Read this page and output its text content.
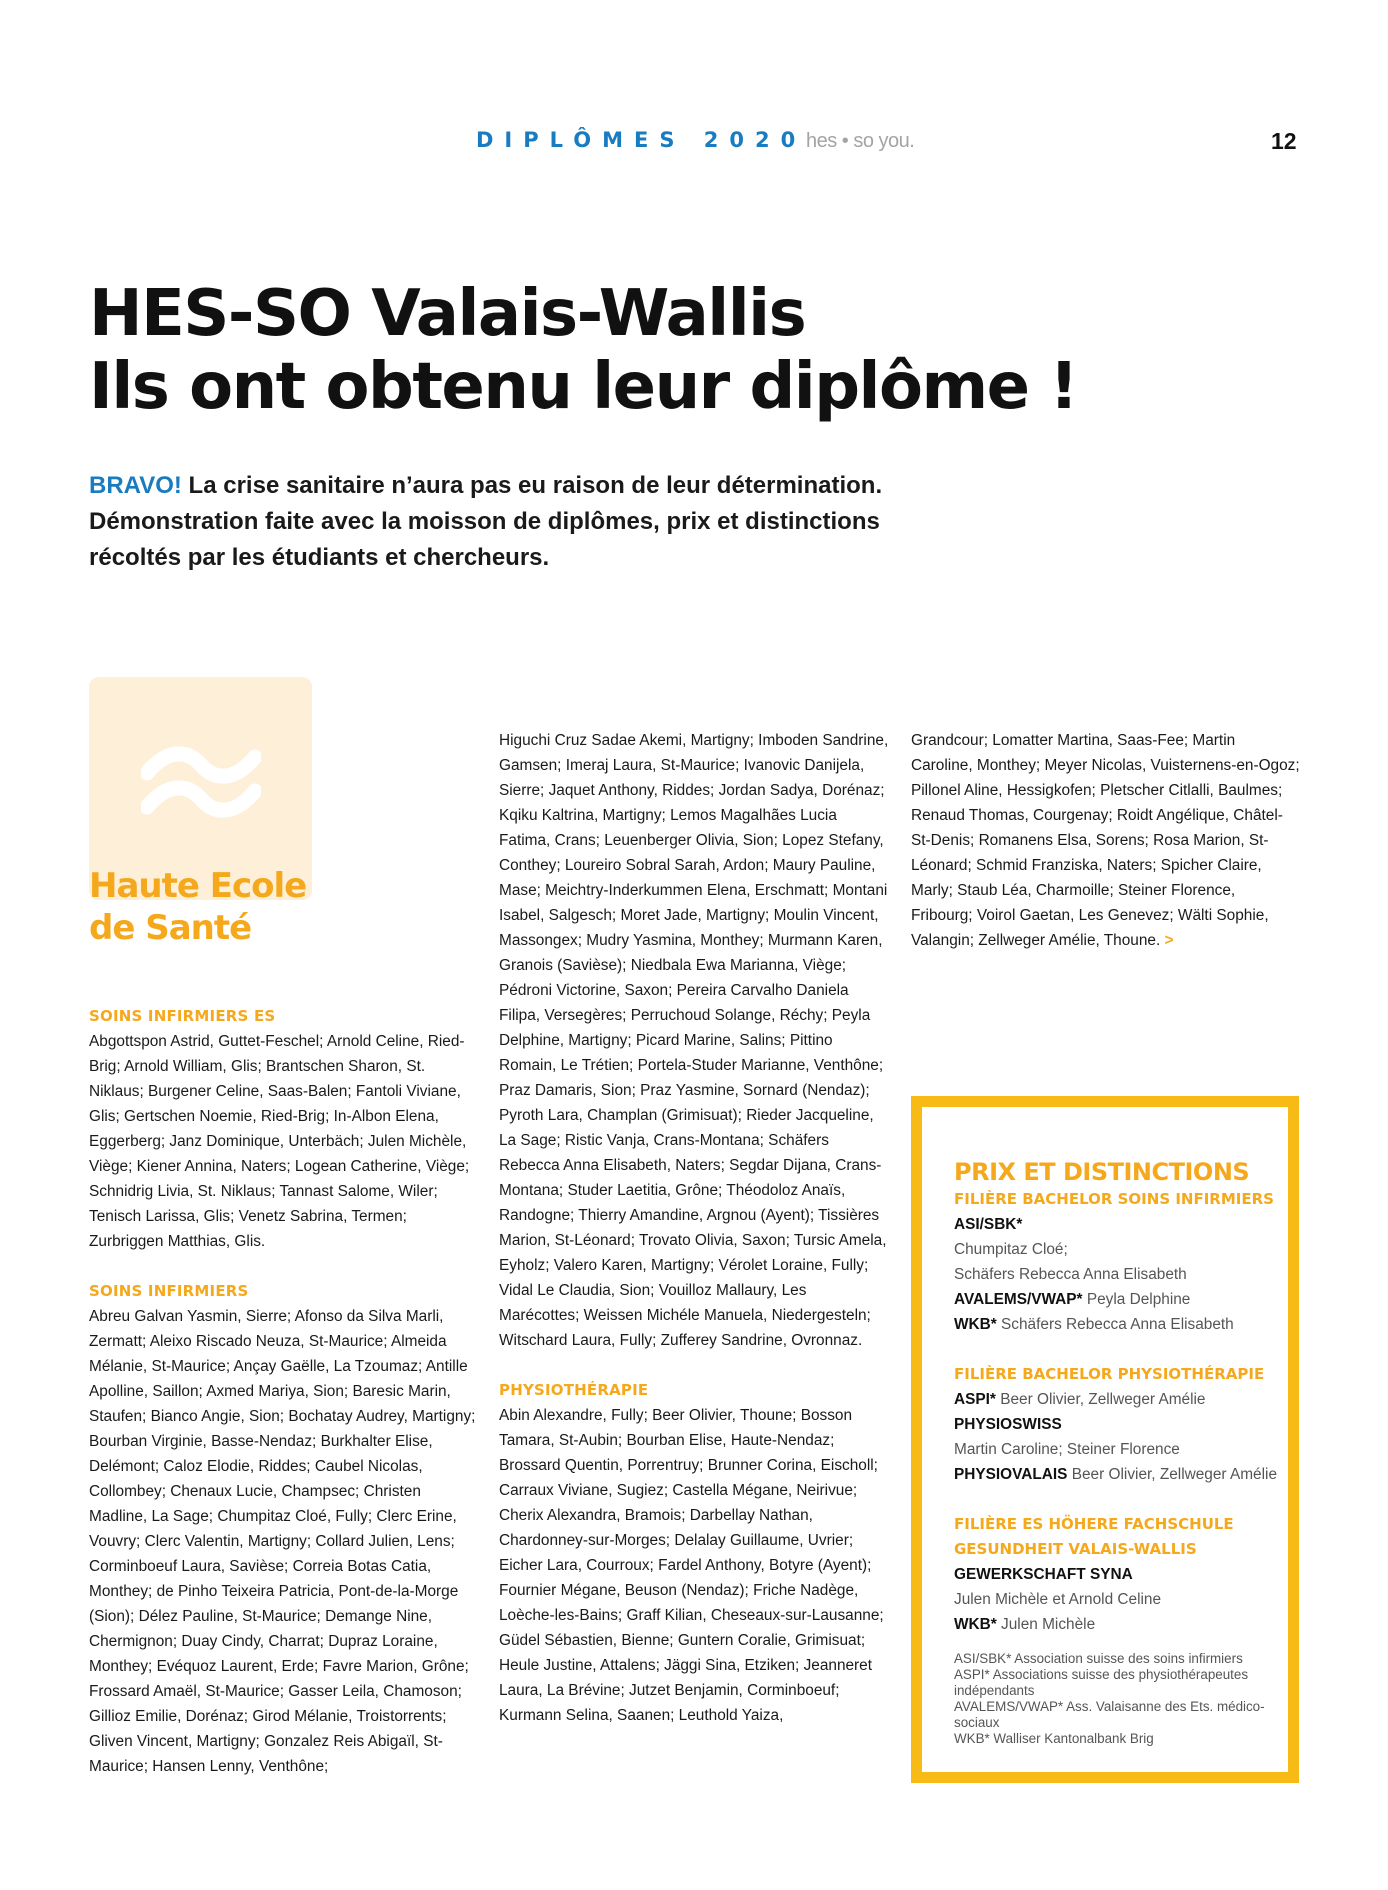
DIPLÔMES 2020 hes • so you.	12
HES-SO Valais-Wallis
Ils ont obtenu leur diplôme !
BRAVO! La crise sanitaire n’aura pas eu raison de leur détermination. Démonstration faite avec la moisson de diplômes, prix et distinctions récoltés par les étudiants et chercheurs.
Haute Ecole
de Santé

SOINS INFIRMIERS ES

Abgottspon Astrid, Guttet-Feschel; Arnold Celine, Ried-Brig; Arnold William, Glis; Brantschen Sharon, St. Niklaus; Burgener Celine, Saas-Balen; Fantoli Viviane, Glis; Gertschen Noemie, Ried-Brig; In-Albon Elena, Eggerberg; Janz Dominique, Unterbäch; Julen Michèle, Viège; Kiener Annina, Naters; Logean Catherine, Viège; Schnidrig Livia, St. Niklaus; Tannast Salome, Wiler; Tenisch Larissa, Glis; Venetz Sabrina, Termen; Zurbriggen Matthias, Glis.

SOINS INFIRMIERS

Abreu Galvan Yasmin, Sierre; Afonso da Silva Marli, Zermatt; Aleixo Riscado Neuza, St-Maurice; Almeida Mélanie, St-Maurice; Ançay Gaëlle, La Tzoumaz; Antille Apolline, Saillon; Axmed Mariya, Sion; Baresic Marin, Staufen; Bianco Angie, Sion; Bochatay Audrey, Martigny; Bourban Virginie, Basse-Nendaz; Burkhalter Elise, Delémont; Caloz Elodie, Riddes; Caubel Nicolas, Collombey; Chenaux Lucie, Champsec; Christen Madline, La Sage; Chumpitaz Cloé, Fully; Clerc Erine, Vouvry; Clerc Valentin, Martigny; Collard Julien, Lens; Corminboeuf Laura, Savièse; Correia Botas Catia, Monthey; de Pinho Teixeira Patricia, Pont-de-la-Morge (Sion); Délez Pauline, St-Maurice; Demange Nine, Chermignon; Duay Cindy, Charrat; Dupraz Loraine, Monthey; Evéquoz Laurent, Erde; Favre Marion, Grône; Frossard Amaël, St-Maurice; Gasser Leila, Chamoson; Gillioz Emilie, Dorénaz; Girod Mélanie, Troistorrents; Gliven Vincent, Martigny; Gonzalez Reis Abigaïl, St-Maurice; Hansen Lenny, Venthône;

Higuchi Cruz Sadae Akemi, Martigny; Imboden Sandrine, Gamsen; Imeraj Laura, St-Maurice; Ivanovic Danijela, Sierre; Jaquet Anthony, Riddes; Jordan Sadya, Dorénaz; Kqiku Kaltrina, Martigny; Lemos Magalhães Lucia Fatima, Crans; Leuenberger Olivia, Sion; Lopez Stefany, Conthey; Loureiro Sobral Sarah, Ardon; Maury Pauline, Mase; Meichtry-Inderkummen Elena, Erschmatt; Montani Isabel, Salgesch; Moret Jade, Martigny; Moulin Vincent, Massongex; Mudry Yasmina, Monthey; Murmann Karen, Granois (Savièse); Niedbala Ewa Marianna, Viège; Pédroni Victorine, Saxon; Pereira Carvalho Daniela Filipa, Versegères; Perruchoud Solange, Réchy; Peyla Delphine, Martigny; Picard Marine, Salins; Pittino Romain, Le Trétien; Portela-Studer Marianne, Venthône; Praz Damaris, Sion; Praz Yasmine, Sornard (Nendaz); Pyroth Lara, Champlan (Grimisuat); Rieder Jacqueline, La Sage; Ristic Vanja, Crans-Montana; Schäfers Rebecca Anna Elisabeth, Naters; Segdar Dijana, Crans-Montana; Studer Laetitia, Grône; Théodoloz Anaïs, Randogne; Thierry Amandine, Argnou (Ayent); Tissières Marion, St-Léonard; Trovato Olivia, Saxon; Tursic Amela, Eyholz; Valero Karen, Martigny; Vérolet Loraine, Fully; Vidal Le Claudia, Sion; Vouilloz Mallaury, Les Marécottes; Weissen Michéle Manuela, Niedergesteln; Witschard Laura, Fully; Zufferey Sandrine, Ovronnaz.

PHYSIOTHÉRAPIE

Abin Alexandre, Fully; Beer Olivier, Thoune; Bosson Tamara, St-Aubin; Bourban Elise, Haute-Nendaz; Brossard Quentin, Porrentruy; Brunner Corina, Eischoll; Carraux Viviane, Sugiez; Castella Mégane, Neirivue; Cherix Alexandra, Bramois; Darbellay Nathan, Chardonney-sur-Morges; Delalay Guillaume, Uvrier; Eicher Lara, Courroux; Fardel Anthony, Botyre (Ayent); Fournier Mégane, Beuson (Nendaz); Friche Nadège, Loèche-les-Bains; Graff Kilian, Cheseaux-sur-Lausanne; Güdel Sébastien, Bienne; Guntern Coralie, Grimisuat; Heule Justine, Attalens; Jäggi Sina, Etziken; Jeanneret Laura, La Brévine; Jutzet Benjamin, Corminboeuf; Kurmann Selina, Saanen; Leuthold Yaiza,

Grandcour; Lomatter Martina, Saas-Fee; Martin Caroline, Monthey; Meyer Nicolas, Vuisternens-en-Ogoz; Pillonel Aline, Hessigkofen; Pletscher Citlalli, Baulmes; Renaud Thomas, Courgenay; Roidt Angélique, Châtel-St-Denis; Romanens Elsa, Sorens; Rosa Marion, St-Léonard; Schmid Franziska, Naters; Spicher Claire, Marly; Staub Léa, Charmoille; Steiner Florence, Fribourg; Voirol Gaetan, Les Genevez; Wälti Sophie, Valangin; Zellweger Amélie, Thoune. >

PRIX ET DISTINCTIONS

FILIÈRE BACHELOR SOINS INFIRMIERS

ASI/SBK*

Chumpitaz Cloé;

Schäfers Rebecca Anna Elisabeth

AVALEMS/VWAP* Peyla Delphine

WKB* Schäfers Rebecca Anna Elisabeth

FILIÈRE BACHELOR PHYSIOTHÉRAPIE

ASPI* Beer Olivier, Zellweger Amélie

PHYSIOSWISS

Martin Caroline; Steiner Florence

PHYSIOVALAIS Beer Olivier, Zellweger Amélie

FILIÈRE ES HÖHERE FACHSCHULE

GESUNDHEIT VALAIS-WALLIS

GEWERKSCHAFT SYNA

Julen Michèle et Arnold Celine

WKB* Julen Michèle

ASI/SBK* Association suisse des soins infirmiers
ASPI* Associations suisse des physiothérapeutes indépendants
AVALEMS/VWAP* Ass. Valaisanne des Ets. médico-sociaux
WKB* Walliser Kantonalbank Brig
